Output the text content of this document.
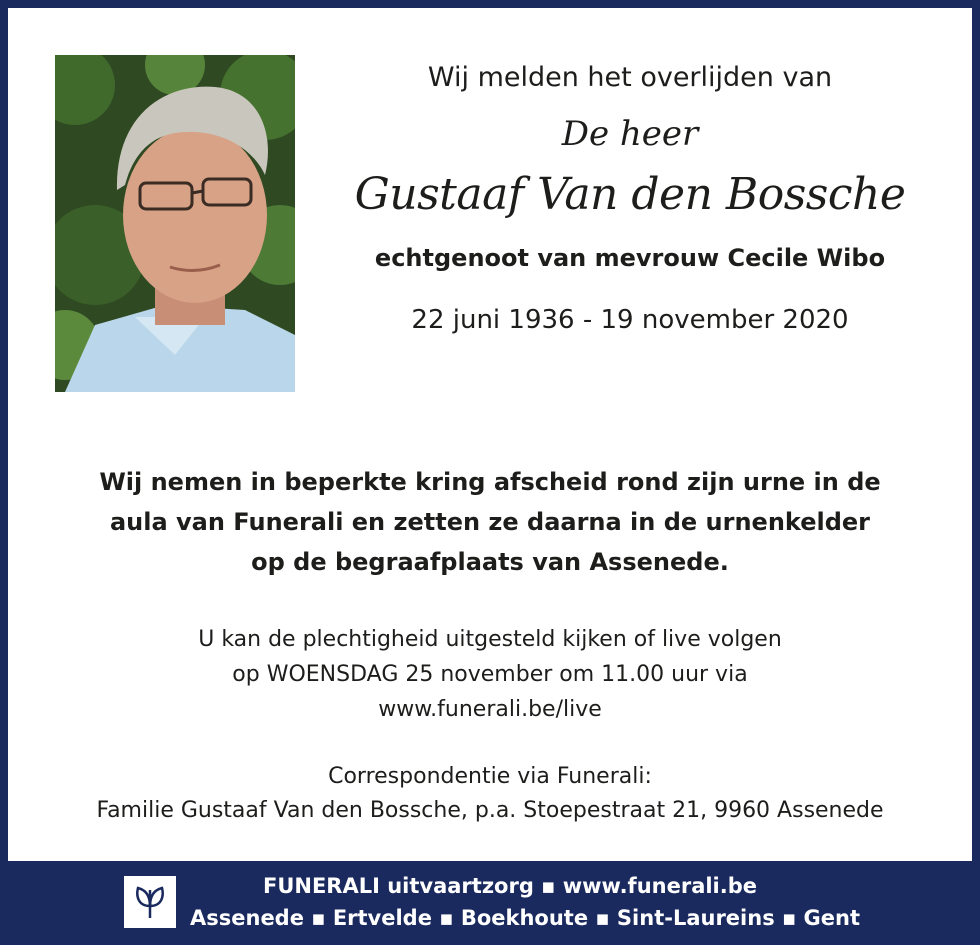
Wij melden het overlijden van
De heer
Gustaaf Van den Bossche
echtgenoot van mevrouw Cecile Wibo
22 juni 1936 - 19 november 2020
Wij nemen in beperkte kring afscheid rond zijn urne in de
aula van Funerali en zetten ze daarna in de urnenkelder
op de begraafplaats van Assenede.
U kan de plechtigheid uitgesteld kijken of live volgen
op WOENSDAG 25 november om 11.00 uur via
www.funerali.be/live
Correspondentie via Funerali:
Familie Gustaaf Van den Bossche, p.a. Stoepestraat 21, 9960 Assenede
FUNERALI uitvaartzorg ▪ www.funerali.be
Assenede ▪ Ertvelde ▪ Boekhoute ▪ Sint-Laureins ▪ Gent
